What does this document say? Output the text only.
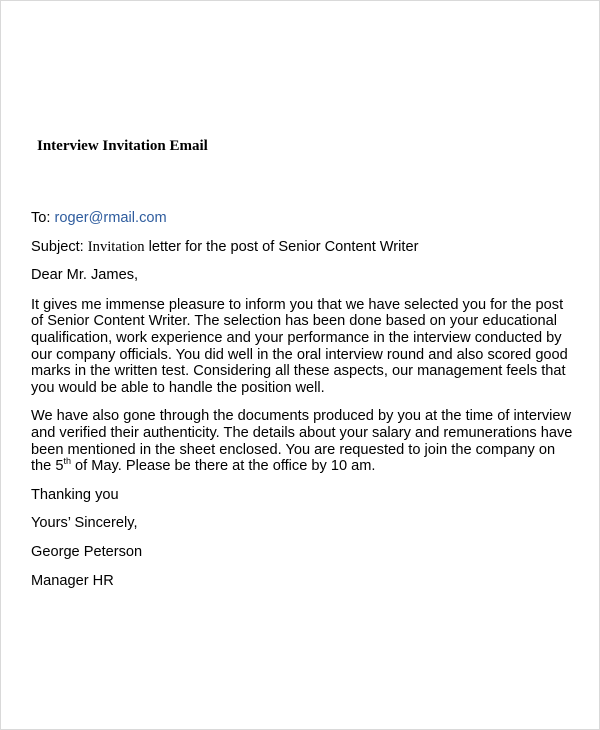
Interview Invitation Email

To: roger@rmail.com

Subject: Invitation letter for the post of Senior Content Writer

Dear Mr. James,

It gives me immense pleasure to inform you that we have selected you for the post of Senior Content Writer. The selection has been done based on your educational qualification, work experience and your performance in the interview conducted by our company officials. You did well in the oral interview round and also scored good marks in the written test. Considering all these aspects, our management feels that you would be able to handle the position well.

We have also gone through the documents produced by you at the time of interview and verified their authenticity. The details about your salary and remunerations have been mentioned in the sheet enclosed. You are requested to join the company on the 5th of May. Please be there at the office by 10 am.

Thanking you

Yours’ Sincerely,

George Peterson

Manager HR
